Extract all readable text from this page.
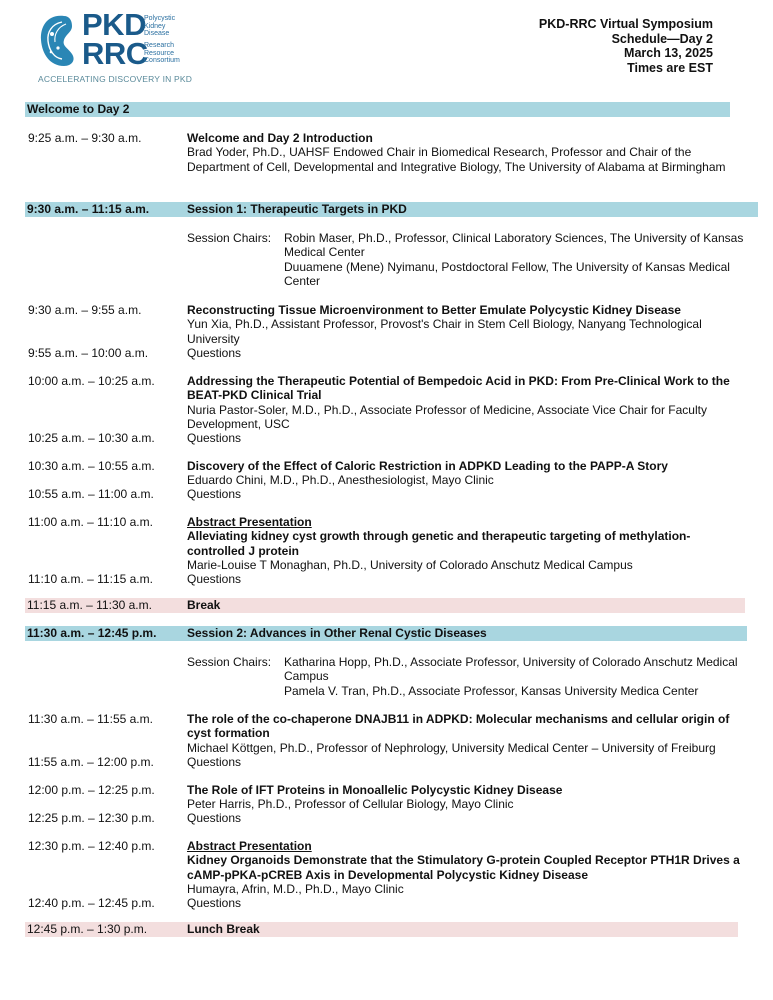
PKD
RRC
Polycystic
Kidney
Disease
Research
Resource
Consortium
ACCELERATING DISCOVERY IN PKD
PKD-RRC Virtual Symposium
Schedule—Day 2
March 13, 2025
Times are EST
Welcome to Day 2
9:25 a.m. – 9:30 a.m.	Welcome and Day 2 Introduction
Brad Yoder, Ph.D., UAHSF Endowed Chair in Biomedical Research, Professor and Chair of the Department of Cell, Developmental and Integrative Biology, The University of Alabama at Birmingham
9:30 a.m. – 11:15 a.m.	Session 1: Therapeutic Targets in PKD
Session Chairs: Robin Maser, Ph.D., Professor, Clinical Laboratory Sciences, The University of Kansas Medical Center
Duuamene (Mene) Nyimanu, Postdoctoral Fellow, The University of Kansas Medical Center
9:30 a.m. – 9:55 a.m.	Reconstructing Tissue Microenvironment to Better Emulate Polycystic Kidney Disease
Yun Xia, Ph.D., Assistant Professor, Provost's Chair in Stem Cell Biology, Nanyang Technological University
9:55 a.m. – 10:00 a.m.	Questions
10:00 a.m. – 10:25 a.m.	Addressing the Therapeutic Potential of Bempedoic Acid in PKD: From Pre-Clinical Work to the BEAT-PKD Clinical Trial
Nuria Pastor-Soler, M.D., Ph.D., Associate Professor of Medicine, Associate Vice Chair for Faculty Development, USC
10:25 a.m. – 10:30 a.m.	Questions
10:30 a.m. – 10:55 a.m.	Discovery of the Effect of Caloric Restriction in ADPKD Leading to the PAPP-A Story
Eduardo Chini, M.D., Ph.D., Anesthesiologist, Mayo Clinic
10:55 a.m. – 11:00 a.m.	Questions
11:00 a.m. – 11:10 a.m.	Abstract Presentation
Alleviating kidney cyst growth through genetic and therapeutic targeting of methylation-controlled J protein
Marie-Louise T Monaghan, Ph.D., University of Colorado Anschutz Medical Campus
11:10 a.m. – 11:15 a.m.	Questions
11:15 a.m. – 11:30 a.m.	Break
11:30 a.m. – 12:45 p.m.	Session 2: Advances in Other Renal Cystic Diseases
Session Chairs: Katharina Hopp, Ph.D., Associate Professor, University of Colorado Anschutz Medical Campus
Pamela V. Tran, Ph.D., Associate Professor, Kansas University Medica Center
11:30 a.m. – 11:55 a.m.	The role of the co-chaperone DNAJB11 in ADPKD: Molecular mechanisms and cellular origin of cyst formation
Michael Köttgen, Ph.D., Professor of Nephrology, University Medical Center – University of Freiburg
11:55 a.m. – 12:00 p.m.	Questions
12:00 p.m. – 12:25 p.m.	The Role of IFT Proteins in Monoallelic Polycystic Kidney Disease
Peter Harris, Ph.D., Professor of Cellular Biology, Mayo Clinic
12:25 p.m. – 12:30 p.m.	Questions
12:30 p.m. – 12:40 p.m.	Abstract Presentation
Kidney Organoids Demonstrate that the Stimulatory G-protein Coupled Receptor PTH1R Drives a cAMP-pPKA-pCREB Axis in Developmental Polycystic Kidney Disease
Humayra, Afrin, M.D., Ph.D., Mayo Clinic
12:40 p.m. – 12:45 p.m.	Questions
12:45 p.m. – 1:30 p.m.	Lunch Break
